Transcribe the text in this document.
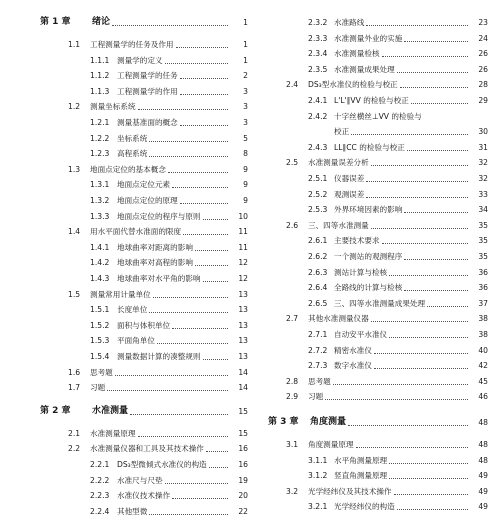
第 1 章 绪论	1
1.1 工程测量学的任务及作用	1
1.1.1 测量学的定义	1
1.1.2 工程测量学的任务	2
1.1.3 工程测量学的作用	3
1.2 测量坐标系统	3
1.2.1 测量基准面的概念	3
1.2.2 坐标系统	5
1.2.3 高程系统	8
1.3 地面点定位的基本概念	9
1.3.1 地面点定位元素	9
1.3.2 地面点定位的原理	9
1.3.3 地面点定位的程序与原则	10
1.4 用水平面代替水准面的限度	11
1.4.1 地球曲率对距离的影响	11
1.4.2 地球曲率对高程的影响	12
1.4.3 地球曲率对水平角的影响	12
1.5 测量常用计量单位	13
1.5.1 长度单位	13
1.5.2 面积与体积单位	13
1.5.3 平面角单位	13
1.5.4 测量数据计算的凑整规则	13
1.6 思考题	14
1.7 习题	14
第 2 章 水准测量	15
2.1 水准测量原理	15
2.2 水准测量仪器和工具及其技术操作	16
2.2.1 DS₃型微倾式水准仪的构造	16
2.2.2 水准尺与尺垫	19
2.2.3 水准仪技术操作	20
2.2.4 其他型微	22
2.3.2 水准路线	23
2.3.3 水准测量外业的实施	24
2.3.4 水准测量检核	26
2.3.5 水准测量成果处理	26
2.4 DS₃型水准仪的检验与校正	28
2.4.1 L'L'∥VV 的检验与校正	29
2.4.2 十字丝横丝⊥VV 的检验与
校正	30
2.4.3 LL∥CC 的检验与校正	31
2.5 水准测量误差分析	32
2.5.1 仪器误差	32
2.5.2 观测误差	33
2.5.3 外界环境因素的影响	34
2.6 三、四等水准测量	35
2.6.1 主要技术要求	35
2.6.2 一个测站的观测程序	35
2.6.3 测站计算与检核	36
2.6.4 全路线的计算与检核	36
2.6.5 三、四等水准测量成果处理	37
2.7 其他水准测量仪器	38
2.7.1 自动安平水准仪	38
2.7.2 精密水准仪	40
2.7.3 数字水准仪	42
2.8 思考题	45
2.9 习题	46
第 3 章 角度测量	48
3.1 角度测量原理	48
3.1.1 水平角测量原理	48
3.1.2 竖直角测量原理	49
3.2 光学经纬仪及其技术操作	49
3.2.1 光学经纬仪的构造	49
